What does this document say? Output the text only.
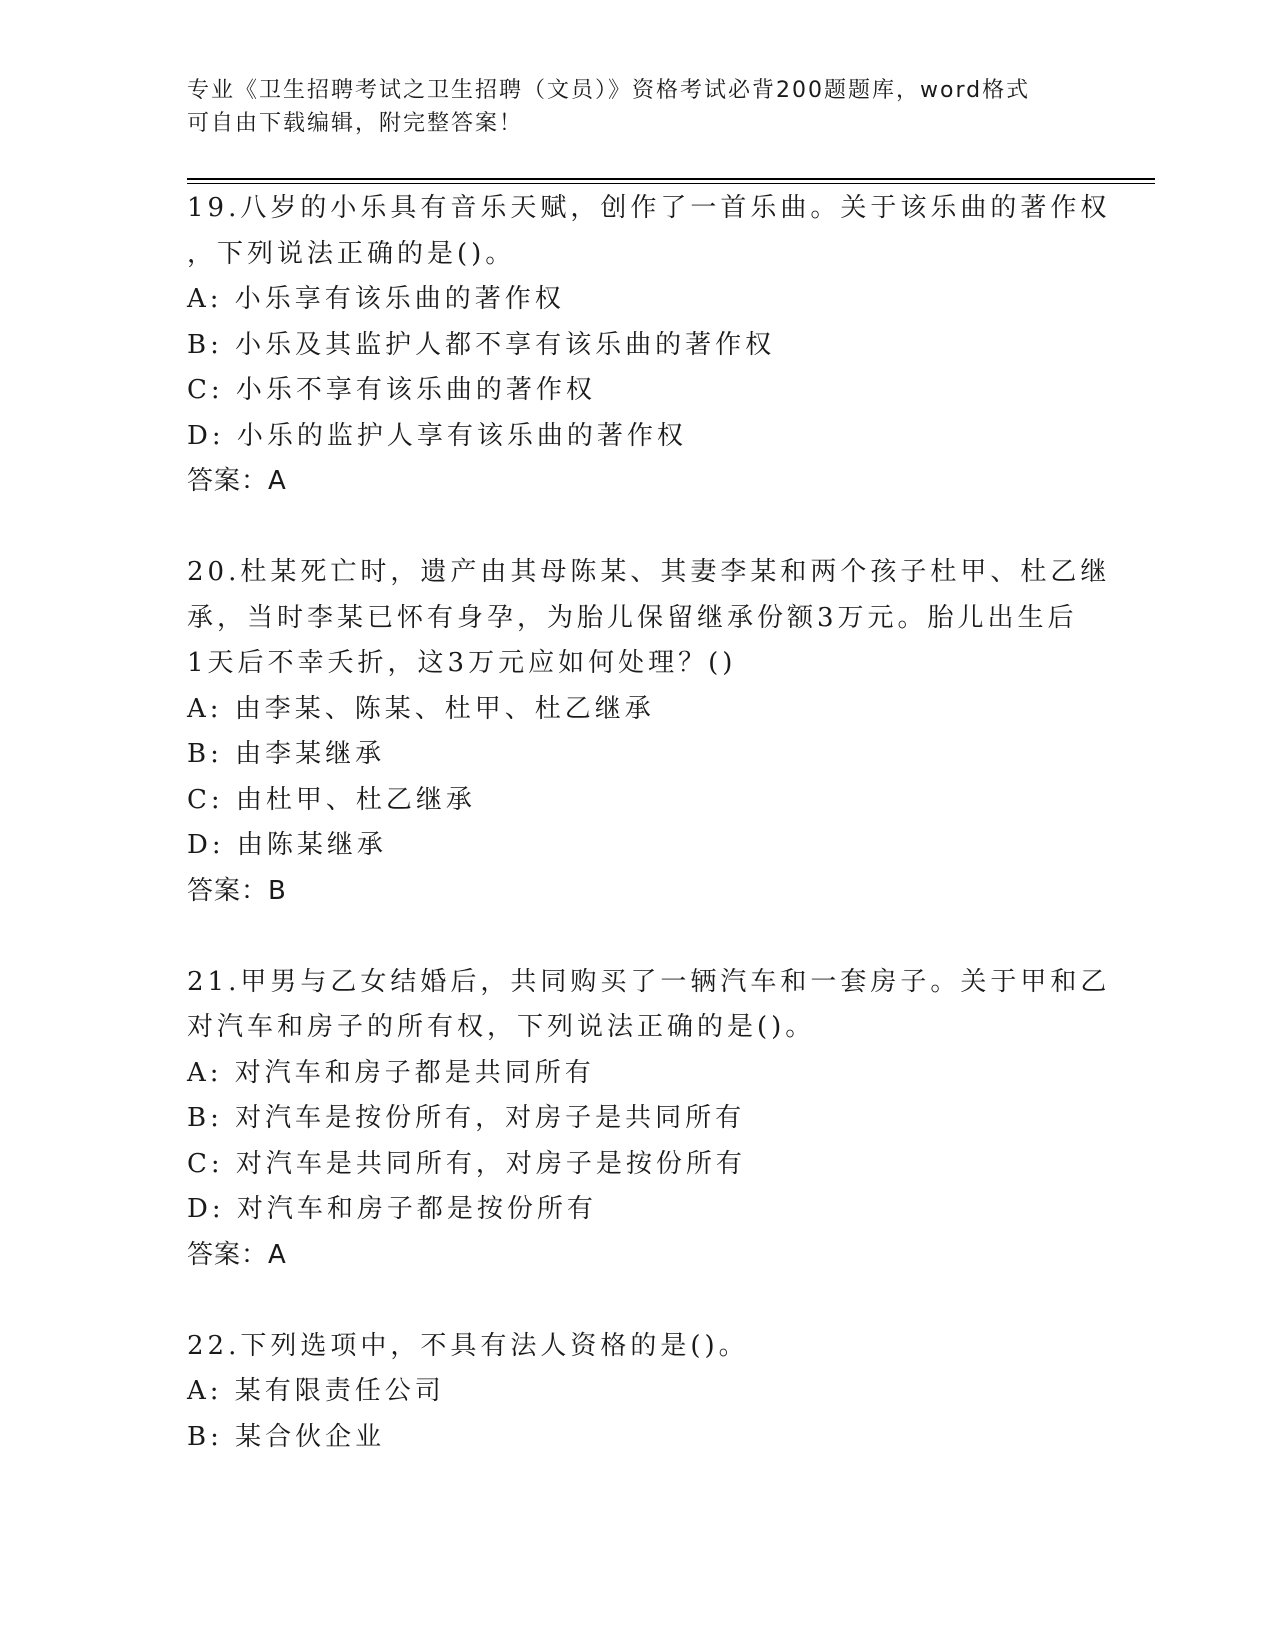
专业《卫生招聘考试之卫生招聘（文员）》资格考试必背200题题库，word格式
可自由下载编辑，附完整答案！
19.八岁的小乐具有音乐天赋，创作了一首乐曲。关于该乐曲的著作权
，下列说法正确的是()。
A: 小乐享有该乐曲的著作权
B: 小乐及其监护人都不享有该乐曲的著作权
C: 小乐不享有该乐曲的著作权
D: 小乐的监护人享有该乐曲的著作权
答案：A
20.杜某死亡时，遗产由其母陈某、其妻李某和两个孩子杜甲、杜乙继
承，当时李某已怀有身孕，为胎儿保留继承份额3万元。胎儿出生后
1天后不幸夭折，这3万元应如何处理？()
A: 由李某、陈某、杜甲、杜乙继承
B: 由李某继承
C: 由杜甲、杜乙继承
D: 由陈某继承
答案：B
21.甲男与乙女结婚后，共同购买了一辆汽车和一套房子。关于甲和乙
对汽车和房子的所有权，下列说法正确的是()。
A: 对汽车和房子都是共同所有
B: 对汽车是按份所有，对房子是共同所有
C: 对汽车是共同所有，对房子是按份所有
D: 对汽车和房子都是按份所有
答案：A
22.下列选项中，不具有法人资格的是()。
A: 某有限责任公司
B: 某合伙企业
